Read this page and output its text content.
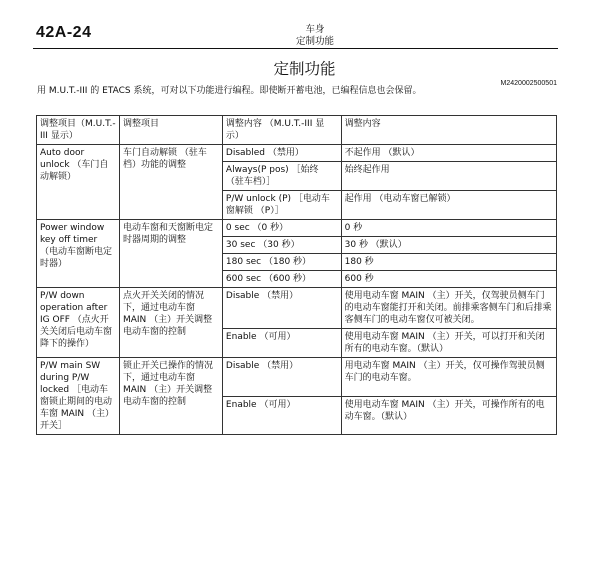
42A-24	车身
定制功能
定制功能
M2420002500501
用 M.U.T.-III 的 ETACS 系统，可对以下功能进行编程。即使断开蓄电池，已编程信息也会保留。
调整项目（M.U.T.-III 显示）	调整项目	调整内容 （M.U.T.-III 显示）	调整内容
Auto door unlock （车门自动解锁）	车门自动解锁 （驻车档）功能的调整	Disabled （禁用）	不起作用 （默认）
		Always(P pos) ［始终 （驻车档）］	始终起作用
		P/W unlock (P) ［电动车窗解锁 （P）］	起作用 （电动车窗已解锁）
Power window key off timer （电动车窗断电定时器）	电动车窗和天窗断电定时器周期的调整	0 sec （0 秒）	0 秒
		30 sec （30 秒）	30 秒 （默认）
		180 sec （180 秒）	180 秒
		600 sec （600 秒）	600 秒
P/W down operation after IG OFF （点火开关关闭后电动车窗降下的操作）	点火开关关闭的情况下，通过电动车窗 MAIN （主）开关调整电动车窗的控制	Disable （禁用）	使用电动车窗 MAIN （主）开关，仅驾驶员侧车门的电动车窗能打开和关闭。前排乘客侧车门和后排乘客侧车门的电动车窗仅可被关闭。
		Enable （可用）	使用电动车窗 MAIN （主）开关，可以打开和关闭所有的电动车窗。（默认）
P/W main SW during P/W locked ［电动车窗锁止期间的电动车窗 MAIN （主）开关］	锁止开关已操作的情况下，通过电动车窗 MAIN （主）开关调整电动车窗的控制	Disable （禁用）	用电动车窗 MAIN （主）开关，仅可操作驾驶员侧车门的电动车窗。
		Enable （可用）	使用电动车窗 MAIN （主）开关，可操作所有的电动车窗。（默认）
